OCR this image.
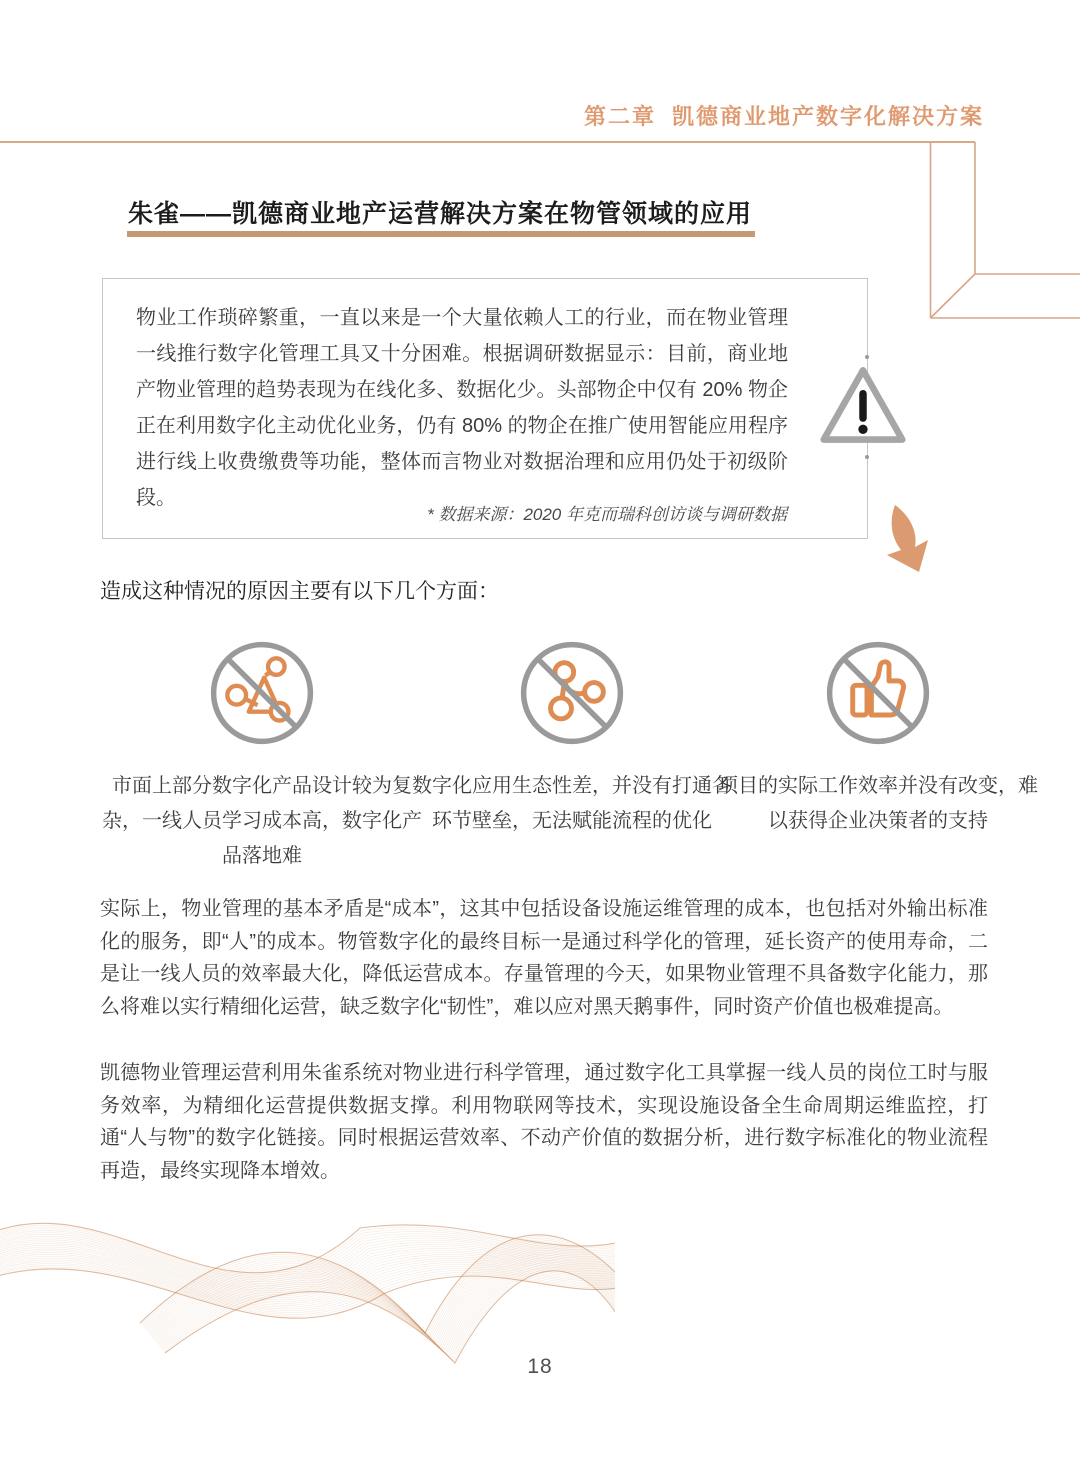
第二章 凯德商业地产数字化解决方案
朱雀——凯德商业地产运营解决方案在物管领域的应用
物业工作琐碎繁重，一直以来是一个大量依赖人工的行业，而在物业管理一线推行数字化管理工具又十分困难。根据调研数据显示：目前，商业地产物业管理的趋势表现为在线化多、数据化少。头部物企中仅有 20% 物企正在利用数字化主动优化业务，仍有 80% 的物企在推广使用智能应用程序进行线上收费缴费等功能，整体而言物业对数据治理和应用仍处于初级阶段。
* 数据来源：2020 年克而瑞科创访谈与调研数据
造成这种情况的原因主要有以下几个方面：
市面上部分数字化产品设计较为复杂，一线人员学习成本高，数字化产品落地难
数字化应用生态性差，并没有打通各环节壁垒，无法赋能流程的优化
项目的实际工作效率并没有改变，难以获得企业决策者的支持

实际上，物业管理的基本矛盾是“成本”，这其中包括设备设施运维管理的成本，也包括对外输出标准化的服务，即“人”的成本。物管数字化的最终目标一是通过科学化的管理，延长资产的使用寿命，二是让一线人员的效率最大化，降低运营成本。存量管理的今天，如果物业管理不具备数字化能力，那么将难以实行精细化运营，缺乏数字化“韧性”，难以应对黑天鹅事件，同时资产价值也极难提高。

凯德物业管理运营利用朱雀系统对物业进行科学管理，通过数字化工具掌握一线人员的岗位工时与服务效率，为精细化运营提供数据支撑。利用物联网等技术，实现设施设备全生命周期运维监控，打通“人与物”的数字化链接。同时根据运营效率、不动产价值的数据分析，进行数字标准化的物业流程再造，最终实现降本增效。

18
